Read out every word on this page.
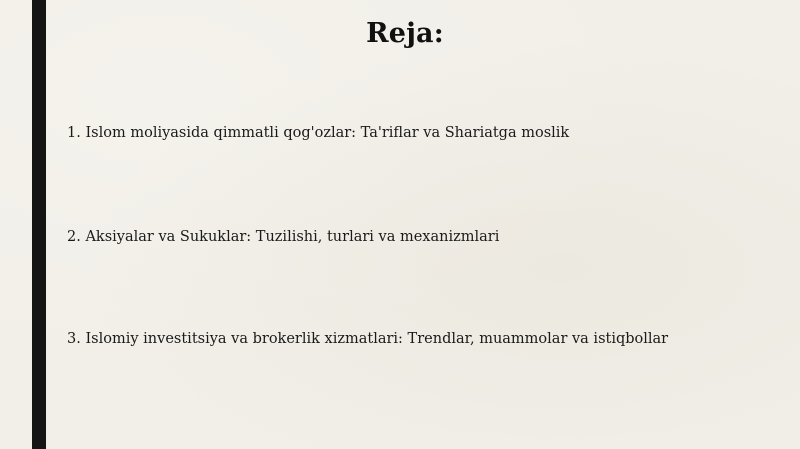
Reja:
1. Islom moliyasida qimmatli qog'ozlar: Ta'riflar va Shariatga moslik
2. Aksiyalar va Sukuklar: Tuzilishi, turlari va mexanizmlari
3. Islomiy investitsiya va brokerlik xizmatlari: Trendlar, muammolar va istiqbollar
